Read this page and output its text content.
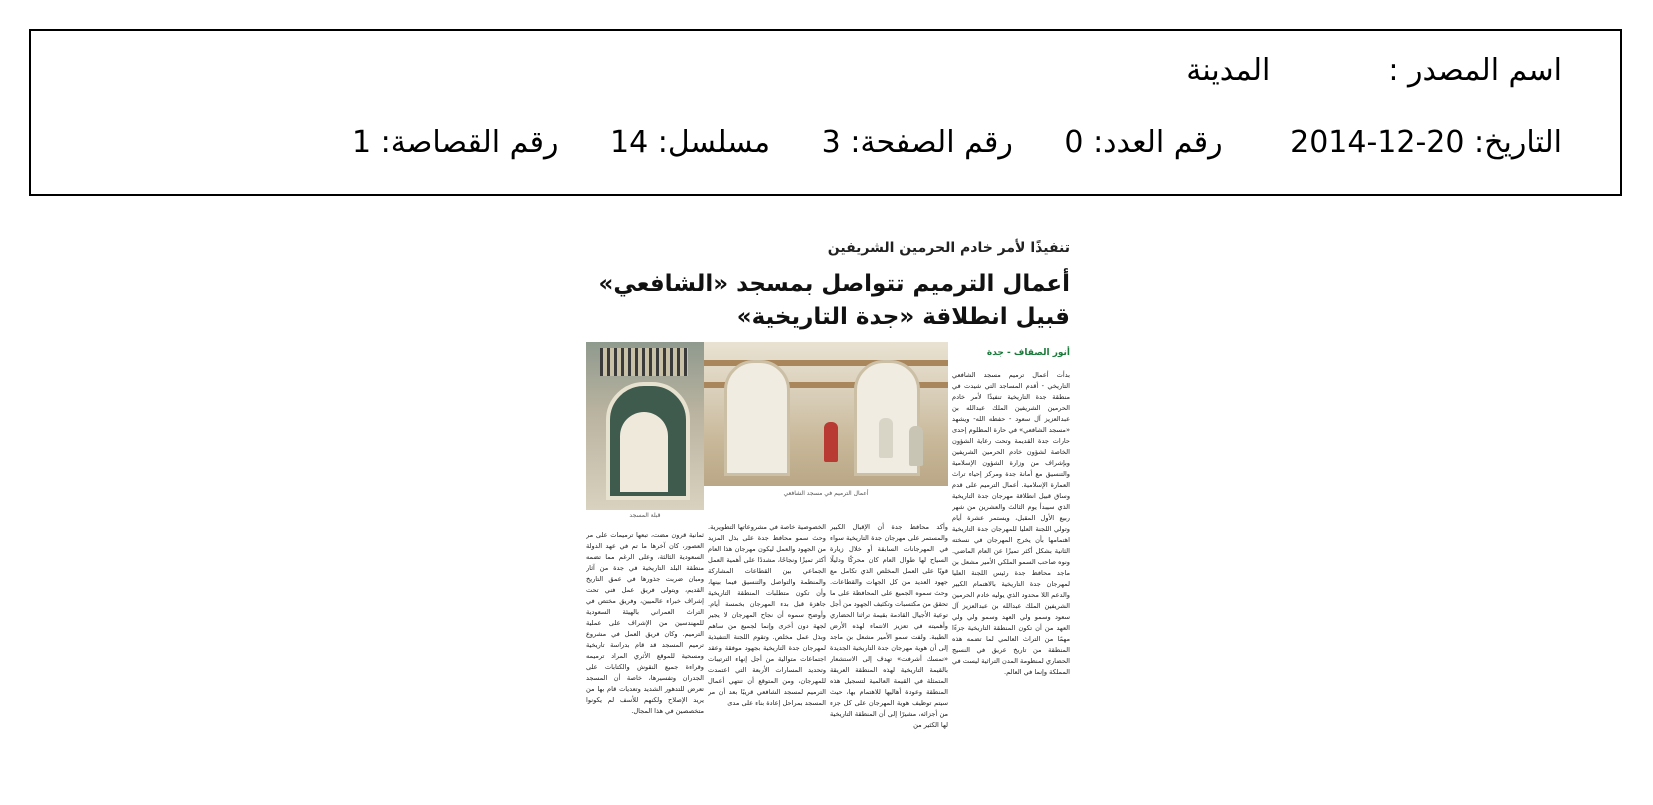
اسم المصدر :المدينة
التاريخ: 2014-12-20 رقم العدد: 0 رقم الصفحة: 3 مسلسل: 14 رقم القصاصة: 1
تنفيذًا لأمر خادم الحرمين الشريفين
أعمال الترميم تتواصل بمسجد «الشافعي» قبيل انطلاقة «جدة التاريخية»
أنور الصقاف - جدة
بدأت أعمال ترميم مسجد الشافعي التاريخي - أقدم المساجد التي شيدت في منطقة جدة التاريخية تنفيذًا لأمر خادم الحرمين الشريفين الملك عبدالله بن عبدالعزيز آل سعود - حفظه الله- ويشهد «مسجد الشافعي» في حارة المظلوم إحدى حارات جدة القديمة وتحت رعاية الشؤون الخاصة لشؤون خادم الحرمين الشريفين وبإشراف من وزارة الشؤون الإسلامية والتنسيق مع أمانة جدة ومركز إحياء تراث العمارة الإسلامية. أعمال الترميم على قدم وساق قبيل انطلاقة مهرجان جدة التاريخية الذي سيبدأ يوم الثالث والعشرين من شهر ربيع الأول المقبل، ويستمر عشرة أيام وتولي اللجنة العليا للمهرجان جدة التاريخية اهتمامها بأن يخرج المهرجان في نسخته الثانية بشكل أكثر تميزًا عن العام الماضي. ونوه صاحب السمو الملكي الأمير مشعل بن ماجد محافظ جدة رئيس اللجنة العليا لمهرجان جدة التاريخية بالاهتمام الكبير والدعم اللا محدود الذي يوليه خادم الحرمين الشريفين الملك عبدالله بن عبدالعزيز آل سعود وسمو ولي العهد وسمو ولي ولي العهد من أن تكون المنطقة التاريخية جزءًا مهمًا من التراث العالمي لما تضمه هذه المنطقة من تاريخ عريق في النسيج الحضاري لمنظومة المدن التراثية ليست في المملكة وإنما في العالم.
أعمال الترميم في مسجد الشافعي
قبلة المسجد
وأكد محافظ جدة أن الإقبال الكبير والمستمر على مهرجان جدة التاريخية سواء في المهرجانات السابقة أو خلال زيارة السياح لها طوال العام كان محركًا ودليلًا قويًا على العمل المخلص الذي تكامل مع جهود العديد من كل الجهات والقطاعات. وحث سموه الجميع على المحافظة على ما تحقق من مكتسبات وتكثيف الجهود من أجل توعية الأجيال القادمة بقيمة تراثنا الحضاري وأهميته في تعزيز الانتماء لهذه الأرض الطيبة. ولفت سمو الأمير مشعل بن ماجد إلى أن هوية مهرجان جدة التاريخية الجديدة «تمسك أشرفت» تهدف إلى الاستشعار بالقيمة التاريخية لهذه المنطقة العريقة المتمثلة في القيمة العالمية لتسجيل هذه المنطقة وعودة أهاليها للاهتمام بها، حيث سيتم توظيف هوية المهرجان على كل جزء من أجزائه، مشيرًا إلى أن المنطقة التاريخية لها الكثير من
الخصوصية خاصة في مشروعاتها التطويرية. وحث سمو محافظ جدة على بذل المزيد من الجهود والعمل ليكون مهرجان هذا العام أكثر تميزًا ونجاحًا، مشددًا على أهمية العمل الجماعي بين القطاعات المشاركة والمنظمة والتواصل والتنسيق فيما بينها، وأن تكون متطلبات المنطقة التاريخية جاهزة قبل بدء المهرجان بخمسة أيام. وأوضح سموه أن نجاح المهرجان لا يجير لجهة دون أخرى وإنما لجميع من ساهم وبذل عمل مخلص. وتقوم اللجنة التنفيذية لمهرجان جدة التاريخية بجهود موفقة وعقد اجتماعات متوالية من أجل إنهاء الترتيبات وتحديد المسارات الأربعة التي اعتمدت للمهرجان، ومن المتوقع أن تنتهي أعمال الترميم لمسجد الشافعي قريبًا بعد أن مر المسجد بمراحل إعادة بناء على مدى
ثمانية قرون مضت، تبعها ترميمات على مر العصور، كان آخرها ما تم في عهد الدولة السعودية الثالثة، وعلى الرغم مما تضمه منطقة البلد التاريخية في جدة من آثار ومبان ضربت جذورها في عمق التاريخ القديم، ويتولى فريق عمل فني تحت إشراف خبراء عالميين، وفريق مختص في التراث العمراني بالهيئة السعودية للمهندسين من الإشراف على عملية الترميم. وكان فريق العمل في مشروع ترميم المسجد قد قام بدراسة تاريخية ومسحية للموقع الأثري المراد ترميمه وقراءة جميع النقوش والكتابات على الجدران وتفسيرها، خاصة أن المسجد تعرض للتدهور الشديد وتعديات قام بها من يريد الإصلاح ولكنهم للأسف لم يكونوا متخصصين في هذا المجال.
